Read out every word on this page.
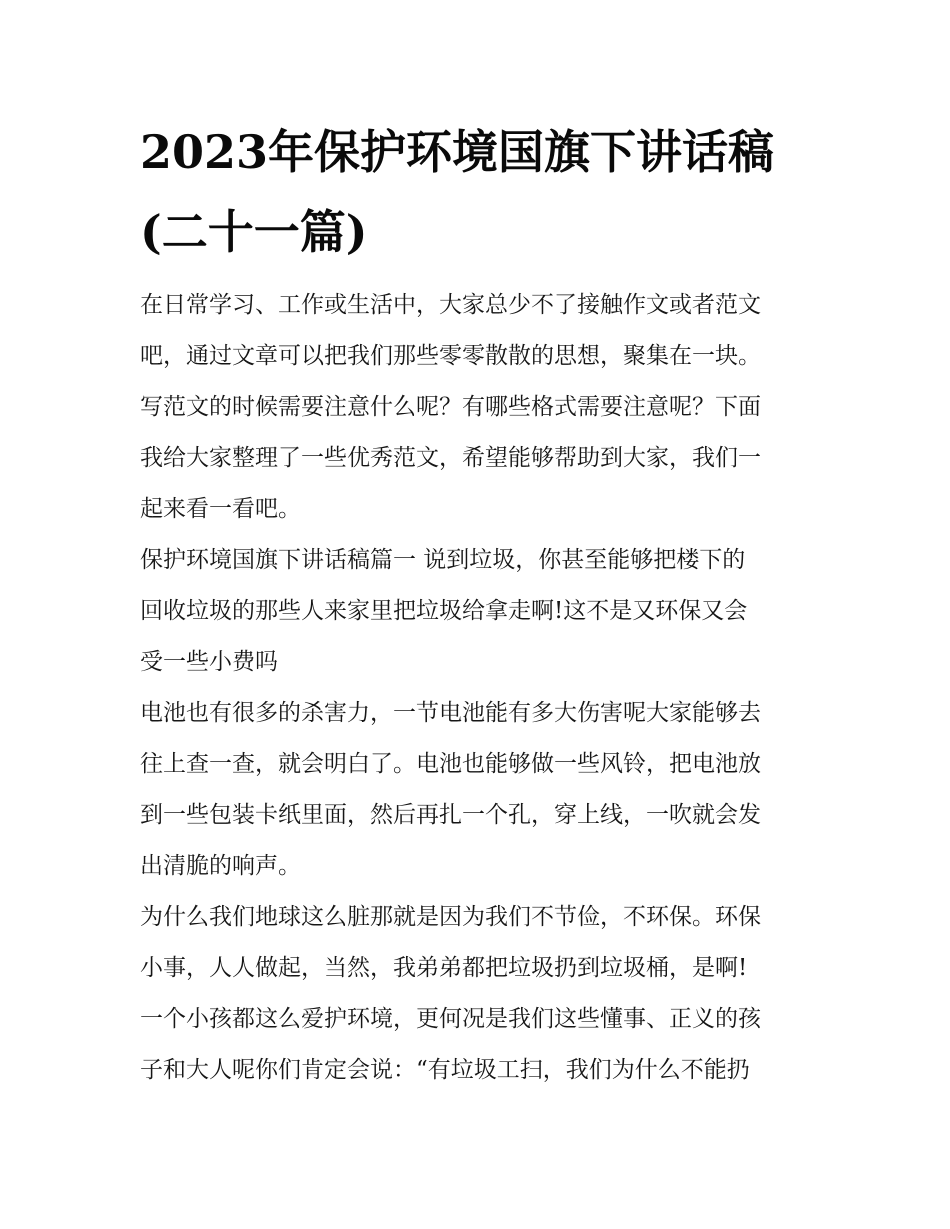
2023年保护环境国旗下讲话稿
(二十一篇)

在日常学习、工作或生活中，大家总少不了接触作文或者范文
吧，通过文章可以把我们那些零零散散的思想，聚集在一块。
写范文的时候需要注意什么呢？有哪些格式需要注意呢？下面
我给大家整理了一些优秀范文，希望能够帮助到大家，我们一
起来看一看吧。

保护环境国旗下讲话稿篇一 说到垃圾，你甚至能够把楼下的
回收垃圾的那些人来家里把垃圾给拿走啊!这不是又环保又会
受一些小费吗

电池也有很多的杀害力，一节电池能有多大伤害呢大家能够去
往上查一查，就会明白了。电池也能够做一些风铃，把电池放
到一些包装卡纸里面，然后再扎一个孔，穿上线，一吹就会发
出清脆的响声。

为什么我们地球这么脏那就是因为我们不节俭，不环保。环保
小事，人人做起，当然，我弟弟都把垃圾扔到垃圾桶，是啊!
一个小孩都这么爱护环境，更何况是我们这些懂事、正义的孩
子和大人呢你们肯定会说：“有垃圾工扫，我们为什么不能扔
